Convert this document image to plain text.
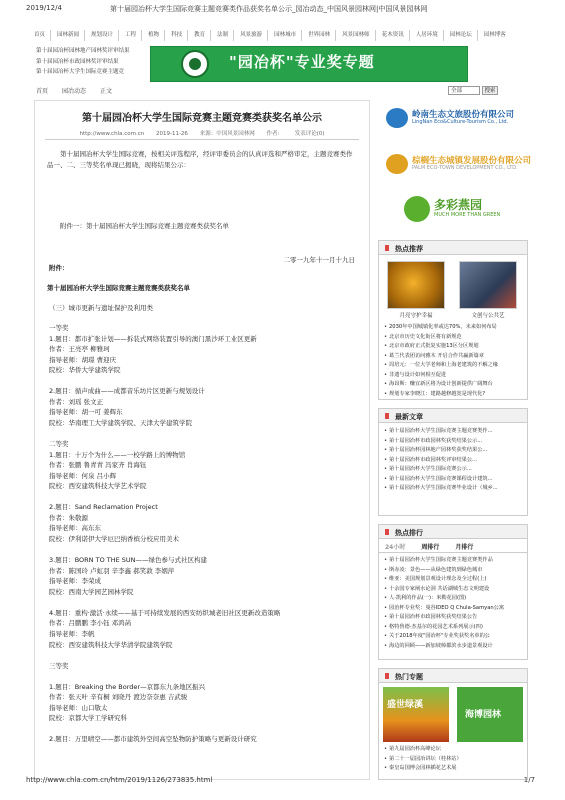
2019/12/4	第十届园冶杯大学生国际竞赛主题竞赛类作品获奖名单公示_园冶动态_中国风景园林网|中国风景园林网
首页	园林新闻	规划设计	工程	植物	科技	教育	法制	风景旅游	园林城市	世界园林	风景园林师	花木资讯	人居环境	园林论坛	园林博客
第十届园冶杯园林地产园林奖评审结果
第十届园冶杯市政园林奖评审结果
第十届园冶杯大学生国际竞赛主题竞
"园冶杯"专业奖专题
首页 园冶动态 正文	全部	搜索
第十届园冶杯大学生国际竞赛主题竞赛类获奖名单公示
http://www.chla.com.cn 2019-11-26 来源：中国风景园林网 作者： 发表评论(0)
第十届园冶杯大学生国际竞赛，按相关评选程序，经评审委员会的认真评选和严格审定，主题竞赛类作品一、二、三等奖名单现已揭晓，现将结果公示：
附件一：第十届园冶杯大学生国际竞赛主题竞赛类获奖名单
二零一九年十一月十九日
附件：
第十届园冶杯大学生国际竞赛主题竞赛类获奖名单
（三）城市更新与遗址保护及利用类
一等奖
1.题目：都市扩张计划——拆装式网络装置引导的澳门黑沙环工业区更新
作者：王亮亭 柳雅珂
指导老师：胡璟 曹迎庆
院校：华侨大学建筑学院
2.题目：循声成曲——成都音乐坊片区更新与规划设计
作者：刘瑶 张文正
指导老师：胡一可 姜辉东
院校：华南理工大学建筑学院、天津大学建筑学院
二等奖
1.题目：十万个为什么——一校学路上的博物馆
作者：张鹏 鲁青青 冯家齐 肖海钰
指导老师：何泉 吕小辉
院校：西安建筑科技大学艺术学院
2.题目：Sand Reclamation Project
作者：朱敬源
指导老师：高东东
院校：伊利诺伊大学厄巴纳香槟分校应用美术
3.题目：BORN TO THE SUN——绿色参与式社区构建
作者：陈国玲 卢虹羽 辛李鑫 郝笑敦 李姻萍
指导老师：李荣成
院校：西南大学园艺园林学院
4.题目：重构·激活·永续——基于可持续发展的西安纺织城老旧社区更新改造策略
作者：吕鹏鹏 李小钰 邓鸿菡
指导老师：李帆
院校：西安建筑科技大学华清学院建筑学院
三等奖
1.题目：Breaking the Border—京都东九条地区振兴
作者：张天叶 辛有桐 刘晓丹 渡边奈奈惠 吉武骏
指导老师：山口敬太
院校：京都大学工学研究科
2.题目：万里晴空——都市建筑外空间高空坠物防护策略与更新设计研究
岭南生态文旅股份有限公司
LingNan Eco&Culture-Tourism Co., Ltd.
棕榈生态城镇发展股份有限公司
PALM ECO-TOWN DEVELOPMENT CO., LTD.
多彩燕园
MUCH MORE THAN GREEN
热点推荐
月亮守护幸福	文创与公共艺
• 2030年中国城镇化率或达70%，未来如何布局
• 北京市历史文化街区将有新规范
• 北京市政府正式批复实施13区分区规划
• 葛兰代表团访问雅木 开启合作共赢新篇章
• 周培元：一位大学老师和上海老建筑的不解之缘
• 非遗与设计如何相互促进
• 海昂斯：赚宜新区将为设计创新提供广阔舞台
• 规划专家李晓江：建路越修越宽是现代化?
最新文章
• 第十届园冶杯大学生国际竞赛主题竞赛类作...
• 第十届园冶杯市政园林奖获奖结果公示...
• 第十届园冶杯园林地产园林奖获奖结果公...
• 第十届园冶杯市政园林奖评审结果公...
• 第十届园冶杯大学生国际竞赛公示...
• 第十届园冶杯大学生国际竞赛课程设计建筑...
• 第十届园冶杯大学生国际竞赛毕业设计（城乡...
热点排行
24小时	周排行	月排行
• 第十届园冶杯大学生国际竞赛主题竞赛类作品
• 斯赤凌：景色——从绿色建筑到绿色城市
• 维亚：美国规划景观设计理念及全过程(上)
• 十余国专家阐水论洞 共话湖城生态文明建设
• 人·凯利的作品(一)：米勒花园(图)
• 园治杯专业奖：曼谷IDEO Q Chula-Samyan公寓
• 第十届园冶杯市政园林奖获奖结果公告
• 格特鲁德·杰基尔的花园艺术系列展示(四)
• 关于2018年度"园冶杯"专业奖获奖名单的公
• 海边的回顾——新加坡樟都滨水步道景观设计
热门专题
盛世绿溪
海博园林
• 第九届园冶杯高峰论坛
• 第二十一届园冶讲坛（桂林站）
• 秦皇岛国博会园林插花艺术展
http://www.chla.com.cn/htm/2019/1126/273835.html	1/7
